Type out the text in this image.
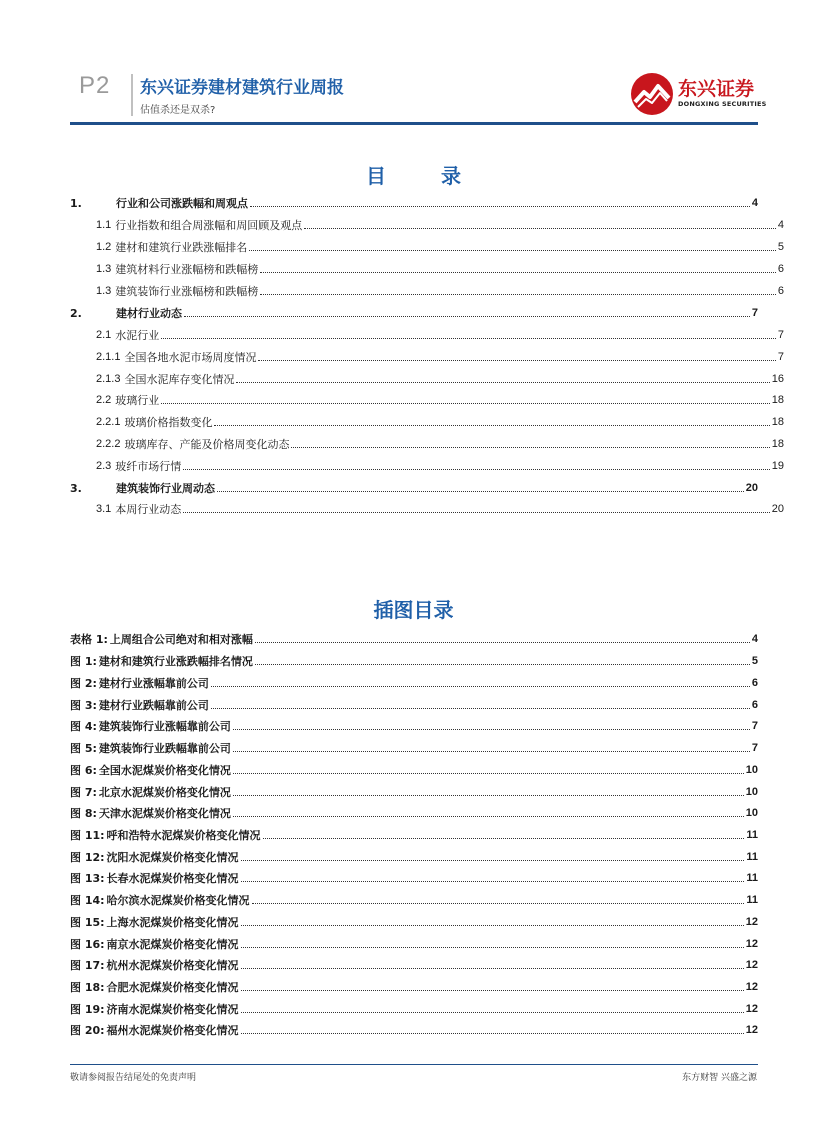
P2 东兴证券建材建筑行业周报
估值杀还是双杀?
东兴证券
DONGXING SECURITIES
目 录
1.	行业和公司涨跌幅和周观点	4
1.1 行业指数和组合周涨幅和周回顾及观点	4
1.2 建材和建筑行业跌涨幅排名	5
1.3 建筑材料行业涨幅榜和跌幅榜	6
1.3 建筑装饰行业涨幅榜和跌幅榜	6
2.	建材行业动态	7
2.1 水泥行业	7
2.1.1 全国各地水泥市场周度情况	7
2.1.3 全国水泥库存变化情况	16
2.2 玻璃行业	18
2.2.1 玻璃价格指数变化	18
2.2.2 玻璃库存、产能及价格周变化动态	18
2.3 玻纤市场行情	19
3.	建筑装饰行业周动态	20
3.1 本周行业动态	20
插图目录
表格 1: 上周组合公司绝对和相对涨幅	4
图 1: 建材和建筑行业涨跌幅排名情况	5
图 2: 建材行业涨幅靠前公司	6
图 3: 建材行业跌幅靠前公司	6
图 4: 建筑装饰行业涨幅靠前公司	7
图 5: 建筑装饰行业跌幅靠前公司	7
图 6: 全国水泥煤炭价格变化情况	10
图 7: 北京水泥煤炭价格变化情况	10
图 8: 天津水泥煤炭价格变化情况	10
图 11: 呼和浩特水泥煤炭价格变化情况	11
图 12: 沈阳水泥煤炭价格变化情况	11
图 13: 长春水泥煤炭价格变化情况	11
图 14: 哈尔滨水泥煤炭价格变化情况	11
图 15: 上海水泥煤炭价格变化情况	12
图 16: 南京水泥煤炭价格变化情况	12
图 17: 杭州水泥煤炭价格变化情况	12
图 18: 合肥水泥煤炭价格变化情况	12
图 19: 济南水泥煤炭价格变化情况	12
图 20: 福州水泥煤炭价格变化情况	12
敬请参阅报告结尾处的免责声明	东方财智 兴盛之源
